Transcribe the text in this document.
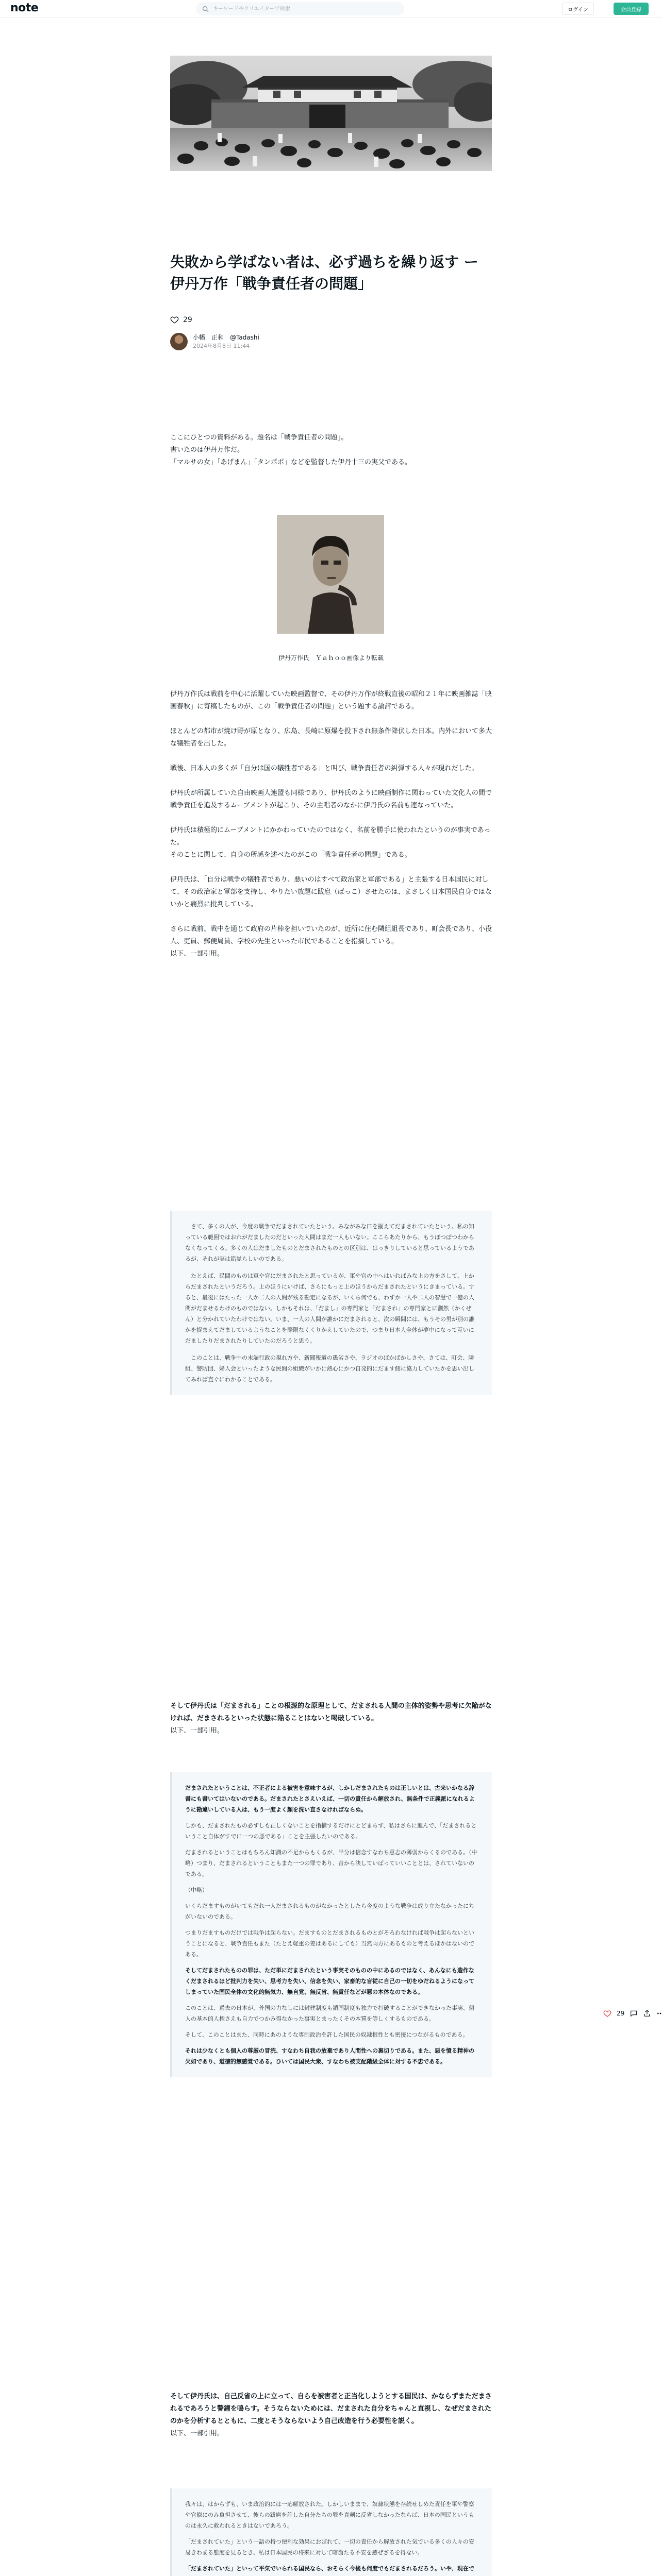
note
キーワードやクリエイターで検索	ログイン	会員登録
失敗から学ばない者は、必ず過ちを繰り返す ー 伊丹万作「戦争責任者の問題」
29
小幡　正和　@Tadashi
2024年8月8日 11:44

ここにひとつの資料がある。題名は「戦争責任者の問題」。

書いたのは伊丹万作だ。

「マルサの女」「あげまん」「タンポポ」などを監督した伊丹十三の実父である。

伊丹万作氏　Ｙａｈｏｏ画像より転載

伊丹万作氏は戦前を中心に活躍していた映画監督で、その伊丹万作が終戦直後の昭和２１年に映画雑誌「映画春秋」に寄稿したものが、この「戦争責任者の問題」という題する論評である。

ほとんどの都市が焼け野が原となり、広島、長崎に原爆を投下され無条件降伏した日本。内外において多大な犠牲者を出した。

戦後、日本人の多くが「自分は国の犠牲者である」と叫び、戦争責任者の糾弾する人々が現れだした。

伊丹氏が所属していた自由映画人連盟も同様であり、伊丹氏のように映画制作に関わっていた文化人の間で戦争責任を追及するムーブメントが起こり、その主唱者のなかに伊丹氏の名前も連なっていた。

伊丹氏は積極的にムーブメントにかかわっていたのではなく、名前を勝手に使われたというのが事実であった。

そのことに関して、自身の所感を述べたのがこの「戦争責任者の問題」である。

伊丹氏は、「自分は戦争の犠牲者であり、悪いのはすべて政治家と軍部である」と主張する日本国民に対して、その政治家と軍部を支持し、やりたい放題に跋扈（ばっこ）させたのは、まさしく日本国民自身ではないかと痛烈に批判している。

さらに戦前、戦中を通じて政府の片棒を担いでいたのが、近所に住む隣組組長であり、町会長であり、小役人、吏員、郵便局員、学校の先生といった市民であることを指摘している。

以下、一部引用。

　さて、多くの人が、今度の戦争でだまされていたという。みながみな口を揃えてだまされていたという。私の知っている範囲ではおれがだましたのだといった人間はまだ一人もいない。ここらあたりから、もうぼつぼつわからなくなってくる。多くの人はだましたものとだまされたものとの区別は、はっきりしていると思っているようであるが、それが実は錯覚らしいのである。

　たとえば、民間のものは軍や官にだまされたと思っているが、軍や官の中へはいればみな上の方をさして、上からだまされたというだろう。上のほうにいけば、さらにもっと上のほうからだまされたというにきまっている。すると、最後にはたった一人か二人の人間が残る勘定になるが、いくら何でも、わずか一人や二人の智慧で一億の人間がだませるわけのものではない。しかもそれは、「だまし」の専門家と「だまされ」の専門家とに劃然（かくぜん）と分かれていたわけではない。いま、一人の人間が誰かにだまされると、次の瞬間には、もうその男が別の誰かを捉まえてだましているようなことを際限なくくりかえしていたので、つまり日本人全体が夢中になって互いにだましたりだまされたりしていたのだろうと思う。

　このことは、戦争中の末端行政の現れ方や、新聞報道の愚劣さや、ラジオのばかばかしさや、さては、町会、隣組、警防団、婦人会といったような民間の組織がいかに熱心にかつ自発的にだます側に協力していたかを思い出してみれば直ぐにわかることである。

そして伊丹氏は「だまされる」ことの根源的な原理として、だまされる人間の主体的姿勢や思考に欠陥がなければ、だまされるといった状態に陥ることはないと喝破している。

以下、一部引用。

だまされたということは、不正者による被害を意味するが、しかしだまされたものは正しいとは、古来いかなる辞書にも書いてはいないのである。だまされたとさえいえば、一切の責任から解放され、無条件で正義派になれるように勘違いしている人は、もう一度よく顔を洗い直さなければならぬ。

しかも、だまされたもの必ずしも正しくないことを指摘するだけにとどまらず、私はさらに進んで、「だまされるということ自体がすでに一つの悪である」ことを主張したいのである。

だまされるということはもちろん知識の不足からもくるが、半分は信念すなわち意志の薄弱からくるのである。（中略）つまり、だまされるということもまた一つの罪であり、昔から決していばっていいこととは、されていないのである。

（中略）

いくらだますものがいてもだれ一人だまされるものがなかったとしたら今度のような戦争は成り立たなかったにちがいないのである。

つまりだますものだけでは戦争は起らない。だますものとだまされるものとがそろわなければ戦争は起らないということになると、戦争責任もまた（たとえ軽重の差はあるにしても）当然両方にあるものと考えるほかはないのである。

そしてだまされたものの罪は、ただ単にだまされたという事実そのものの中にあるのではなく、あんなにも造作なくだまされるほど批判力を失い、思考力を失い、信念を失い、家畜的な盲従に自己の一切をゆだねるようになってしまっていた国民全体の文化的無気力、無自覚、無反省、無責任などが悪の本体なのである。

このことは、過去の日本が、外国の力なしには封建制度も鎖国制度も独力で打破することができなかった事実、個人の基本的人権さえも自力でつかみ得なかった事実とまったくその本質を等しくするものである。

そして、このことはまた、同時にあのような専制政治を許した国民の奴隷根性とも密接につながるものである。

それは少なくとも個人の尊厳の冒涜、すなわち自我の放棄であり人間性への裏切りである。また、悪を憤る精神の欠如であり、道徳的無感覚である。ひいては国民大衆、すなわち被支配階級全体に対する不忠である。

そして伊丹氏は、自己反省の上に立って、自らを被害者と正当化しようとする国民は、かならずまただまされるであろうと警鐘を鳴らす。そうならないためには、だまされた自分をちゃんと直視し、なぜだまされたのかを分析するとともに、二度とそうならないよう自己改造を行う必要性を説く。

以下、一部引用。

我々は、はからずも、いま政治的には一応解放された。しかしいままで、奴隷状態を存続せしめた責任を軍や警察や官僚にのみ負担させて、彼らの跋扈を許した自分たちの罪を真剣に反省しなかったならば、日本の国民というものは永久に救われるときはないであろう。

「だまされていた」という一語の持つ便利な効果におぼれて、一切の責任から解放された気でいる多くの人々の安易きわまる態度を見るとき、私は日本国民の将来に対して暗澹たる不安を感ぜざるを得ない。

「だまされていた」といって平気でいられる国民なら、おそらく今後も何度でもだまされるだろう。いや、現在で

29
